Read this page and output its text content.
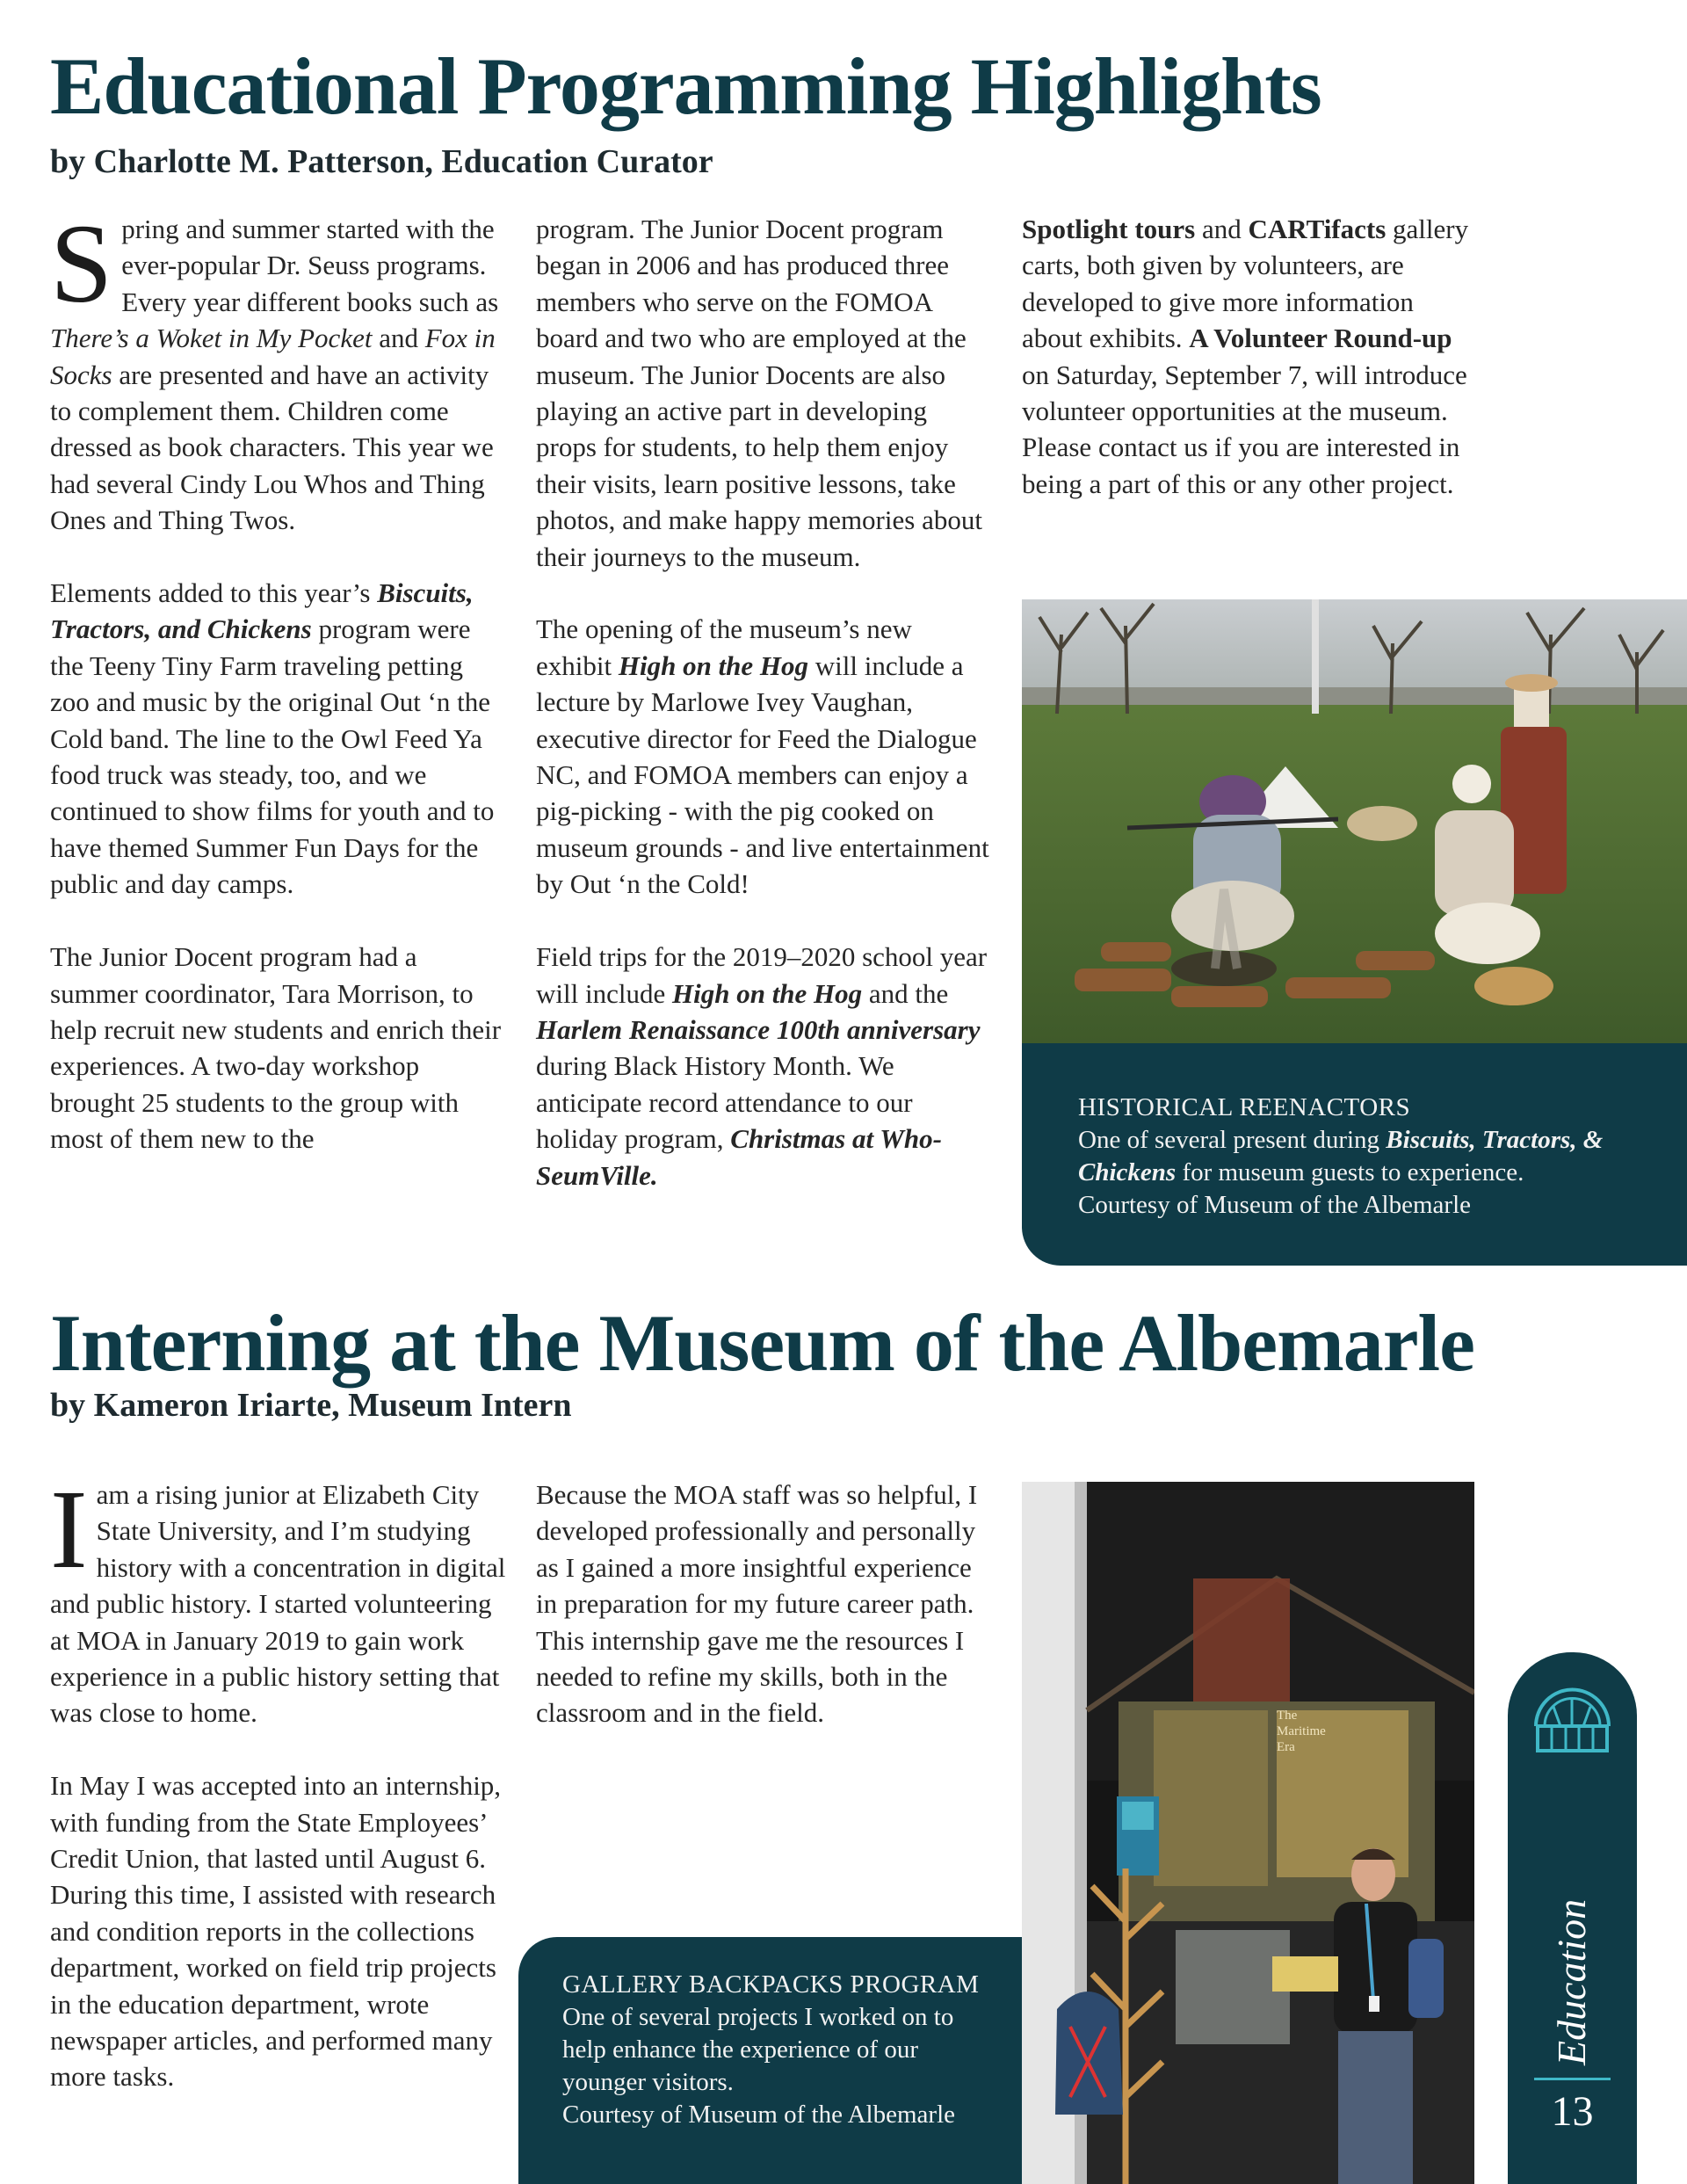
Educational Programming Highlights

by Charlotte M. Patterson, Education Curator

Spring and summer started with the ever-popular Dr. Seuss programs. Every year different books such as There’s a Woket in My Pocket and Fox in Socks are presented and have an activity to complement them. Children come dressed as book characters. This year we had several Cindy Lou Whos and Thing Ones and Thing Twos.

Elements added to this year’s Biscuits, Tractors, and Chickens program were the Teeny Tiny Farm traveling petting zoo and music by the original Out ‘n the Cold band. The line to the Owl Feed Ya food truck was steady, too, and we continued to show films for youth and to have themed Summer Fun Days for the public and day camps.

The Junior Docent program had a summer coordinator, Tara Morrison, to help recruit new students and enrich their experiences. A two-day workshop brought 25 students to the group with most of them new to the

program. The Junior Docent program began in 2006 and has produced three members who serve on the FOMOA board and two who are employed at the museum. The Junior Docents are also playing an active part in developing props for students, to help them enjoy their visits, learn positive lessons, take photos, and make happy memories about their journeys to the museum.

The opening of the museum’s new exhibit High on the Hog will include a lecture by Marlowe Ivey Vaughan, executive director for Feed the Dialogue NC, and FOMOA members can enjoy a pig-picking - with the pig cooked on museum grounds - and live entertainment by Out ‘n the Cold!

Field trips for the 2019–2020 school year will include High on the Hog and the Harlem Renaissance 100th anniversary during Black History Month. We anticipate record attendance to our holiday program, Christmas at Who-SeumVille.

Spotlight tours and CARTifacts gallery carts, both given by volunteers, are developed to give more information about exhibits. A Volunteer Round-up on Saturday, September 7, will introduce volunteer opportunities at the museum. Please contact us if you are interested in being a part of this or any other project.

HISTORICAL REENACTORS
One of several present during Biscuits, Tractors, & Chickens for museum guests to experience.
Courtesy of Museum of the Albemarle
Interning at the Museum of the Albemarle

by Kameron Iriarte, Museum Intern

Iam a rising junior at Elizabeth City State University, and I’m studying history with a concentration in digital and public history. I started volunteering at MOA in January 2019 to gain work experience in a public history setting that was close to home.

In May I was accepted into an internship, with funding from the State Employees’ Credit Union, that lasted until August 6. During this time, I assisted with research and condition reports in the collections department, worked on field trip projects in the education department, wrote newspaper articles, and performed many more tasks.

Because the MOA staff was so helpful, I developed professionally and personally as I gained a more insightful experience in preparation for my future career path. This internship gave me the resources I needed to refine my skills, both in the classroom and in the field.	The
Maritime
Era
GALLERY BACKPACKS PROGRAM
One of several projects I worked on to help enhance the experience of our younger visitors.
Courtesy of Museum of the Albemarle
Education
13
